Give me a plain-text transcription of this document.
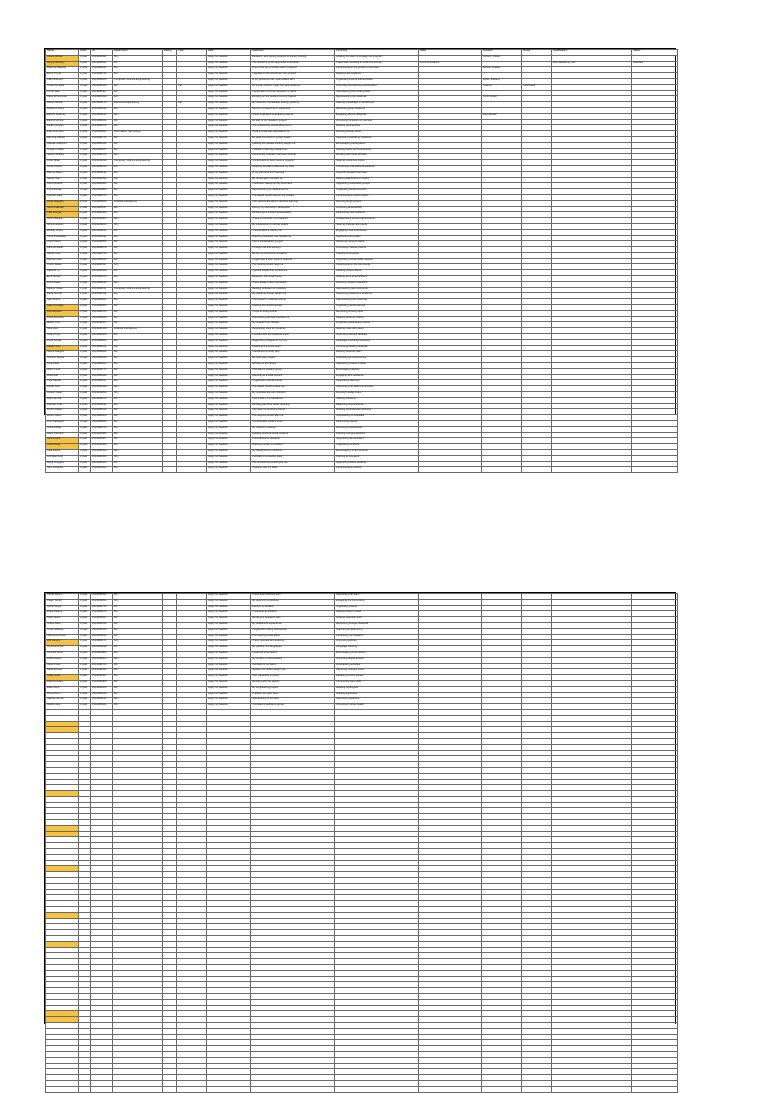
Name	Level	ID	Department	Rating	Type	Date	Statement	Comment	Skills	Location	Group	Qualification	Status
Ariana Abbas	3 year	2019088991	BA			Apply for Awarde	Research and writing projects to attract funding	Looking for ways to engage the program		Oxford, United			
Aanya Moriarty	3 year	2019088912	BA			Apply for Awarde	The school is to be supported to develop	I have been working to build community	Communications			BSc Marketing, ALL	Awarded
Brianna Blakesly	2 year	2019088833	BA			Apply for Awarde	One of the key priorities was to support	Contributing to the growth of the team		Elpoint, Hadley			
Brent Thyne	1 year	2019088744	BA			Apply for Awarde	I applied to this school as I am excited	Helping new students					
Cally Ramsey	3 year	2019088265	Computer Science Engineering			Apply for Awarde	In my previous role I was tasked with	Organising events and activities		Hyde, Sudbury			
Chloe Grimaldi	4 year	2019088526	BA		CE	Apply for Awarde	As a peer mentor I help first year students	Improving the learning environment		Tawnby	Shortlisted		
Cyrus Vale	3 year	2019088487	BA			Apply for Awarde	I would like to further develop my skills	Volunteering with local groups					
Dana Whitcombe	3 year	2019088358	BA			Apply for Awarde	Working on the student council helped	Representing the students		Smith Road			
Darius Mehta	2 year	2019088179	Electrical Engineering		CE	Apply for Awarde	My interest in renewable energy systems	Sharing knowledge in workshops					
Delphine Ross	3 year	2019088230	BA			Apply for Awarde	During my placement I supported	Mentoring junior students					
Eamon Kearney	3 year	2019088141	BA			Apply for Awarde	I have organised fundraising events	Engaging alumni networks		Glen Estate			
Elena Petrova	4 year	2019088062	BA			Apply for Awarde	As part of my research project	Promoting inclusion on campus					
Farah Qureshi	3 year	2019088973	BA			Apply for Awarde	The scholarship would allow me to	Building partnerships					
Felix Dunmore	2 year	2019088894	Information Technology			Apply for Awarde	I built a small web application for	Running coding clubs					
Gemma Howell	3 year	2019088715	BA			Apply for Awarde	My goal is to work in public health	Supporting wellbeing initiatives					
Hassan Adeyemi	3 year	2019088636	BA			Apply for Awarde	Leading the debate society taught me	Encouraging participation					
Imogen Clarke	1 year	2019088557	BA			Apply for Awarde	I started a tutoring programme	Helping peers with coursework					
Jasper Whitley	3 year	2019088478	BA			Apply for Awarde	Community outreach has been central	Working with local schools					
Kiran Bhatt	3 year	2019088399	Computer Science Engineering			Apply for Awarde	I contributed to open source projects	Sharing resources online					
Lena Fischer	2 year	2019088210	BA			Apply for Awarde	Studying abroad broadened my view	Connecting international students					
Marcus Ellery	3 year	2019088131	BA			Apply for Awarde	In my part time job I learned	Improving student services					
Nadia Osei	3 year	2019088052	BA			Apply for Awarde	My dissertation focuses on	Raising awareness of issues					
Oliver Brandt	4 year	2019088963	BA			Apply for Awarde	I volunteer weekly at the food bank	Supporting vulnerable groups					
Priya Raman	3 year	2019088884	BA			Apply for Awarde	Representing my department at	Organising careers events					
Quentin Hale	3 year	2019088705	BA			Apply for Awarde	The award would support my studies	Contributing to sports teams					
Rosa Delgado	2 year	2019088626	Artificial Intelligence			Apply for Awarde	I am passionate about machine learning	Running study groups					
Samir Haddad	3 year	2019088547	BA			Apply for Awarde	During my internship I developed	Improving accessibility					
Talia Morgan	3 year	2019088468	BA			Apply for Awarde	Working as a student ambassador	Welcoming new students					
Ulrich Baines	1 year	2019088389	BA			Apply for Awarde	I hope to continue my research	Collaborating across departments					
Vera Lindqvist	3 year	2019088200	BA			Apply for Awarde	My experience in the lab taught	Sharing findings with peers					
Wesley Grant	3 year	2019088121	BA			Apply for Awarde	I coordinated a charity run	Engaging local businesses					
Xena Papadakis	4 year	2019088042	BA			Apply for Awarde	Teaching assistant role helped me	Supporting first years					
Yusuf Karim	3 year	2019088953	BA			Apply for Awarde	I led a sustainability project	Reducing campus waste					
Zara Whitfield	3 year	2019088874	BA			Apply for Awarde	Through the arts society I	Promoting creative events					
Adrian Cole	2 year	2019088795	BA			Apply for Awarde	My aim is to become a teacher	Tutoring local pupils					
Bianca Lowe	3 year	2019088616	BA			Apply for Awarde	I organised a peer support network	Improving mental health support					
Conor Walsh	3 year	2019088537	BA			Apply for Awarde	The funding would help me	Contributing to the community					
Daphne Yu	3 year	2019088458	BA			Apply for Awarde	I gained leadership experience	Leading project teams					
Emil Novak	4 year	2019088379	BA			Apply for Awarde	Research into local history	Sharing work at exhibitions					
Fiona Blake	3 year	2019088290	BA			Apply for Awarde	I have always been interested	Running outreach sessions					
Gideon Shaw	3 year	2019088111	Computer Science Engineering			Apply for Awarde	Building software for charities	Volunteering technical skills					
Hana Suzuki	2 year	2019088032	BA			Apply for Awarde	My placement year taught me	Supporting placement students					
Ivan Petrov	3 year	2019088943	BA			Apply for Awarde	I competed in national events	Representing the university					
Jade Armitage	3 year	2019088864	BA			Apply for Awarde	Leading the drama society	Organising performances					
Kofi Mensah	3 year	2019088785	BA			Apply for Awarde	I hope to study further	Mentoring school pupils					
Lucia Romano	1 year	2019088606	BA			Apply for Awarde	Volunteering abroad showed me	Raising funds for charity					
Mateo Cruz	3 year	2019088527	BA			Apply for Awarde	My research on climate	Organising awareness events					
Nina Holt	3 year	2019088448	Artificial Intelligence			Apply for Awarde	Developing tools for students	Sharing code with peers					
Owen Price	2 year	2019088369	BA			Apply for Awarde	I worked with the students union	Improving campus facilities					
Petra Novak	3 year	2019088280	BA			Apply for Awarde	Supporting refugees in my city	Language exchange sessions					
Rafael Soto	3 year	2019088101	BA			Apply for Awarde	Coaching the junior team	Promoting healthy lifestyles					
Selma Haugen	3 year	2019088022	BA			Apply for Awarde	I developed a study app	Helping students plan					
Tomasz Wojcik	4 year	2019088933	BA			Apply for Awarde	My final year project	Presenting at conferences					
Uma Patel	3 year	2019088854	BA			Apply for Awarde	Working in the library	Supporting research skills					
Viktor Lund	3 year	2019088775	BA			Apply for Awarde	I founded a reading group	Encouraging literacy					
Willa Hart	3 year	2019088696	BA			Apply for Awarde	Interning at a local council	Engaging with residents					
Yara Nassar	2 year	2019088517	BA			Apply for Awarde	I organised cultural events	Celebrating diversity					
Zoltan Kiss	3 year	2019088438	BA			Apply for Awarde	The award would enable me	Supporting the wider community					
Anouk Visser	3 year	2019088359	BA			Apply for Awarde	My volunteering with children	Running holiday clubs					
Bram de Wit	3 year	2019088270	BA			Apply for Awarde	I led a team in a hackathon	Sharing solutions					
Carmen Ortiz	1 year	2019088191	BA			Apply for Awarde	Working part time while studying	Balancing commitments					
Dmitri Volkov	3 year	2019088012	BA			Apply for Awarde	I am keen to pursue a career	Building professional networks					
Esme Carter	3 year	2019088923	BA			Apply for Awarde	The support would help me	Volunteering in hospitals					
Finn Gallagher	3 year	2019088844	BA			Apply for Awarde	I coordinated student tours	Welcoming visitors					
Greta Moller	3 year	2019088765	BA			Apply for Awarde	My interest in design	Running art workshops					
Hugo Lambert	4 year	2019088686	BA			Apply for Awarde	Leading environmental projects	Planting campus gardens					
Ines Duarte	3 year	2019088507	BA			Apply for Awarde	I contributed to research	Supporting lab activities					
Jonas Berg	3 year	2019088428	BA			Apply for Awarde	Teaching music to children	Organising concerts					
Kaia Rivers	3 year	2019088349	BA			Apply for Awarde	My background in science	Encouraging STEM interest					
Leo Marchetti	2 year	2019088260	BA			Apply for Awarde	I worked on a startup idea	Pitching to investors					
Maya Lindgren	3 year	2019088181	BA			Apply for Awarde	The scholarship would give me	Supporting fellow students					
Nico Ferrante	3 year	2019088002	BA			Apply for Awarde	I hope to use my skills	Contributing to society					
Oscar Reyes	3 year	2019088913	BA			Apply for Awarde	I have been working with	Supporting the team					
Paige Turner	3 year	2019088834	BA			Apply for Awarde	My goal is to contribute	Engaging the community					
Quinn Doyle	2 year	2019088755	BA			Apply for Awarde	During my studies I	Organising events					
Rhea Kapoor	3 year	2019088676	BA			Apply for Awarde	I volunteer at shelters	Helping those in need					
Sven Olsen	3 year	2019088597	BA			Apply for Awarde	Working in research labs	Sharing scientific work					
Tessa Ward	3 year	2019088418	BA			Apply for Awarde	My leadership experience	Mentoring younger students					
Umar Siddiqui	4 year	2019088339	BA			Apply for Awarde	I organised coding bootcamps	Teaching programming					
Valentina Russo	3 year	2019088250	BA			Apply for Awarde	The funding would allow	Continuing my research					
Will Hendry	3 year	2019088171	BA			Apply for Awarde	I have represented students	Improving policies					
Ximena Flores	2 year	2019088092	BA			Apply for Awarde	My passion for languages	Language tutoring					
Yannick Roux	3 year	2019088983	BA			Apply for Awarde	I coached local teams	Encouraging youth sports					
Zelda Baxter	3 year	2019088804	BA			Apply for Awarde	My project on accessibility	Improving digital access					
Aiden Frost	3 year	2019088725	BA			Apply for Awarde	I worked for a charity	Fundraising activities					
Bella Moreau	1 year	2019088646	BA			Apply for Awarde	Student journalism taught me	Reporting campus news					
Caleb Shah	3 year	2019088567	BA			Apply for Awarde	I am interested in policy	Debating current issues					
Diana Kovacs	3 year	2019088488	BA			Apply for Awarde	Working with the elderly	Community care visits					
Elias Wren	3 year	2019088309	BA			Apply for Awarde	My engineering project	Building prototypes					
Freya Dunn	2 year	2019088220	BA			Apply for Awarde	I helped run open days	Guiding applicants					
Gabriel Sousa	3 year	2019088141	BA			Apply for Awarde	Volunteering in schools	Supporting teachers					
Hattie Lane	3 year	2019088062	BA			Apply for Awarde	I founded a wellbeing group	Promoting mental health					
